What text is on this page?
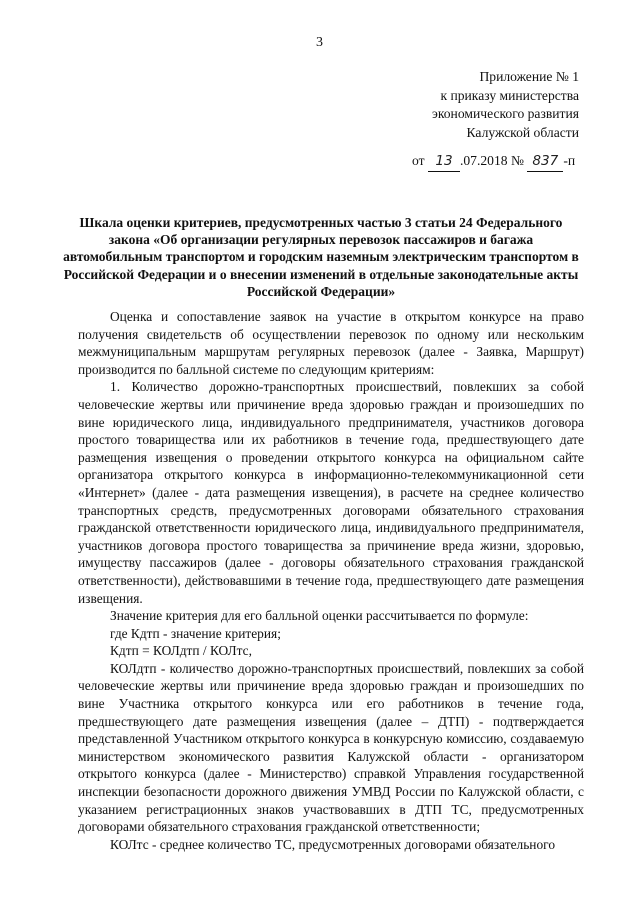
3
Приложение № 1
к приказу министерства
экономического развития
Калужской области
от 13 .07.2018 № 837 -п
Шкала оценки критериев, предусмотренных частью 3 статьи 24 Федерального закона «Об организации регулярных перевозок пассажиров и багажа автомобильным транспортом и городским наземным электрическим транспортом в Российской Федерации и о внесении изменений в отдельные законодательные акты Российской Федерации»

Оценка и сопоставление заявок на участие в открытом конкурсе на право получения свидетельств об осуществлении перевозок по одному или нескольким межмуниципальным маршрутам регулярных перевозок (далее - Заявка, Маршрут) производится по балльной системе по следующим критериям:

1. Количество дорожно-транспортных происшествий, повлекших за собой человеческие жертвы или причинение вреда здоровью граждан и произошедших по вине юридического лица, индивидуального предпринимателя, участников договора простого товарищества или их работников в течение года, предшествующего дате размещения извещения о проведении открытого конкурса на официальном сайте организатора открытого конкурса в информационно-телекоммуникационной сети «Интернет» (далее - дата размещения извещения), в расчете на среднее количество транспортных средств, предусмотренных договорами обязательного страхования гражданской ответственности юридического лица, индивидуального предпринимателя, участников договора простого товарищества за причинение вреда жизни, здоровью, имуществу пассажиров (далее - договоры обязательного страхования гражданской ответственности), действовавшими в течение года, предшествующего дате размещения извещения.

Значение критерия для его балльной оценки рассчитывается по формуле:

где Кдтп - значение критерия;

Кдтп = КОЛдтп / КОЛтс,

КОЛдтп - количество дорожно-транспортных происшествий, повлекших за собой человеческие жертвы или причинение вреда здоровью граждан и произошедших по вине Участника открытого конкурса или его работников в течение года, предшествующего дате размещения извещения (далее – ДТП) - подтверждается представленной Участником открытого конкурса в конкурсную комиссию, создаваемую министерством экономического развития Калужской области - организатором открытого конкурса (далее - Министерство) справкой Управления государственной инспекции безопасности дорожного движения УМВД России по Калужской области, с указанием регистрационных знаков участвовавших в ДТП ТС, предусмотренных договорами обязательного страхования гражданской ответственности;

КОЛтс - среднее количество ТС, предусмотренных договорами обязательного
